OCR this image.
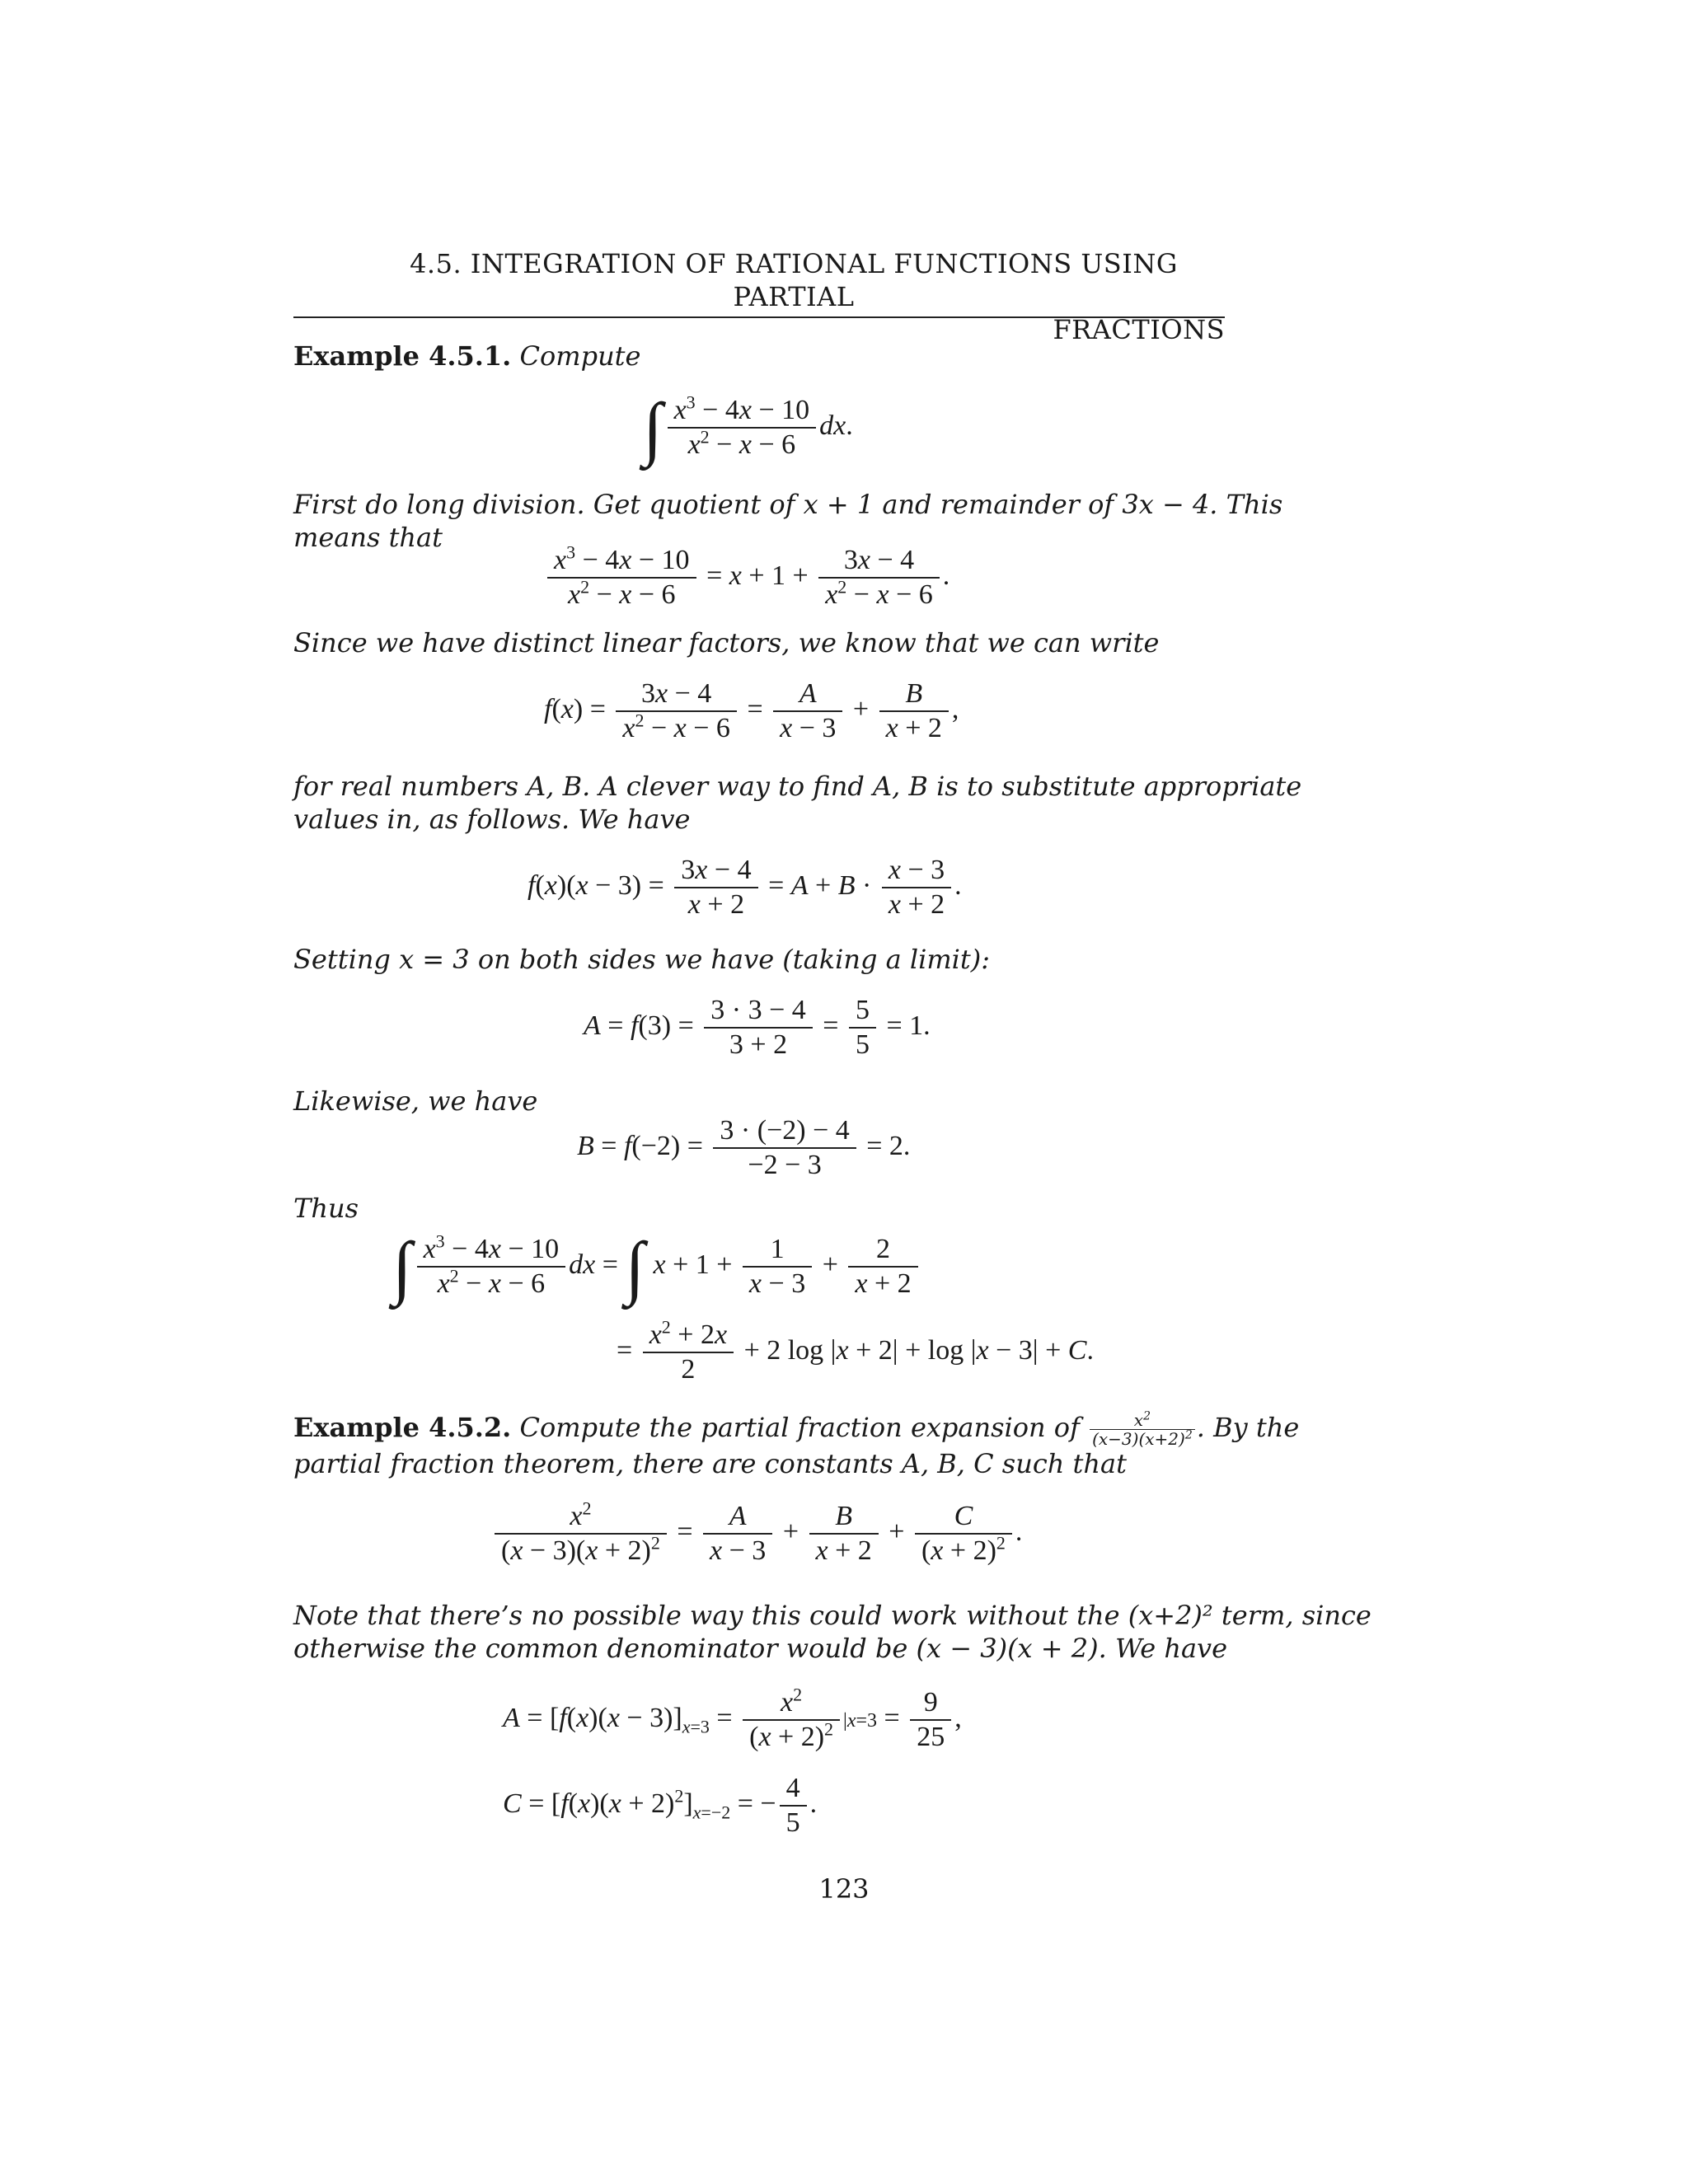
4.5. INTEGRATION OF RATIONAL FUNCTIONS USING PARTIAL
FRACTIONS
Example 4.5.1. Compute
∫ $\frac{x^3 - 4x - 10}{x^2 - x - 6}$ dx.
First do long division. Get quotient of x + 1 and remainder of 3x − 4. This
means that
$\frac{x^3 - 4x - 10}{x^2 - x - 6} = x + 1 + \frac{3x - 4}{x^2 - x - 6}$ .
Since we have distinct linear factors, we know that we can write
$f(x) = \frac{3x - 4}{x^2 - x - 6} = \frac{A}{x - 3} + \frac{B}{x + 2}$ ,
for real numbers A, B. A clever way to find A, B is to substitute appropriate
values in, as follows. We have
$f(x)(x - 3) = \frac{3x - 4}{x + 2} = A + B \cdot \frac{x - 3}{x + 2}$ .
Setting x = 3 on both sides we have (taking a limit):
$A = f(3) = \frac{3 \cdot 3 - 4}{3 + 2} = \frac{5}{5} = 1$.
Likewise, we have
$B = f(-2) = \frac{3 \cdot (-2) - 4}{-2 - 3} = 2$.
Thus
∫ $\frac{x^3 - 4x - 10}{x^2 - x - 6}$ dx = ∫ $x + 1 + \frac{1}{x - 3} + \frac{2}{x + 2}$
= $\frac{x^2 + 2x}{2} + 2$ log |x + 2| + log |x − 3| + C.
Example 4.5.2. Compute the partial fraction expansion of $\frac{x^2}{(x-3)(x+2)^2}$ . By the
partial fraction theorem, there are constants A, B, C such that
$\frac{x^2}{(x - 3)(x + 2)^2} = \frac{A}{x - 3} + \frac{B}{x + 2} + \frac{C}{(x + 2)^2}$ .
Note that there’s no possible way this could work without the (x+2)² term, since
otherwise the common denominator would be (x − 3)(x + 2). We have
$A = [f(x)(x - 3)]_{x=3} = \frac{x^2}{(x + 2)^2} |x=3 = \frac{9}{25}$ ,
$C = [f(x)(x + 2)^2]_{x=-2}$ = − $\frac{4}{5}$ .
123
